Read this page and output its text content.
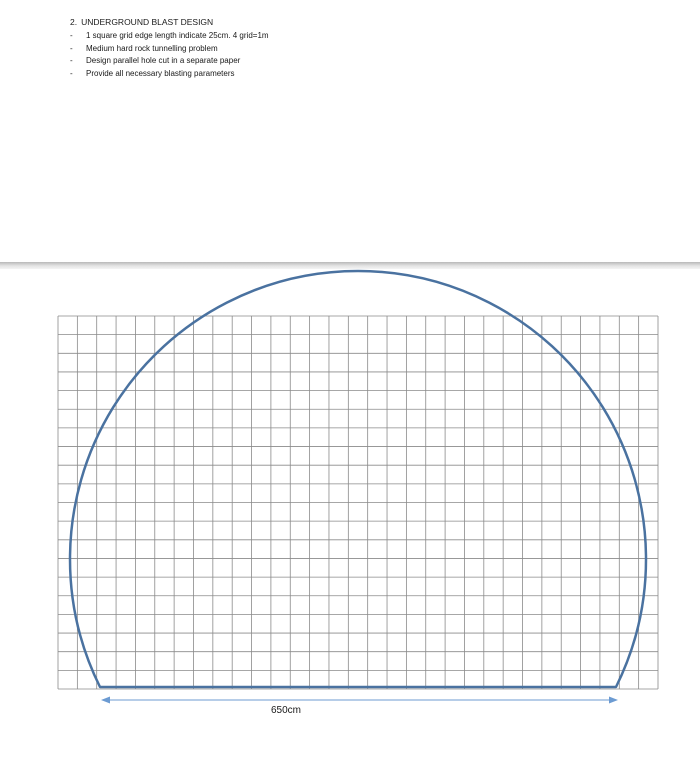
2. UNDERGROUND BLAST DESIGN
- 1 square grid edge length indicate 25cm. 4 grid=1m
- Medium hard rock tunnelling problem
- Design parallel hole cut in a separate paper
- Provide all necessary blasting parameters
650cm
